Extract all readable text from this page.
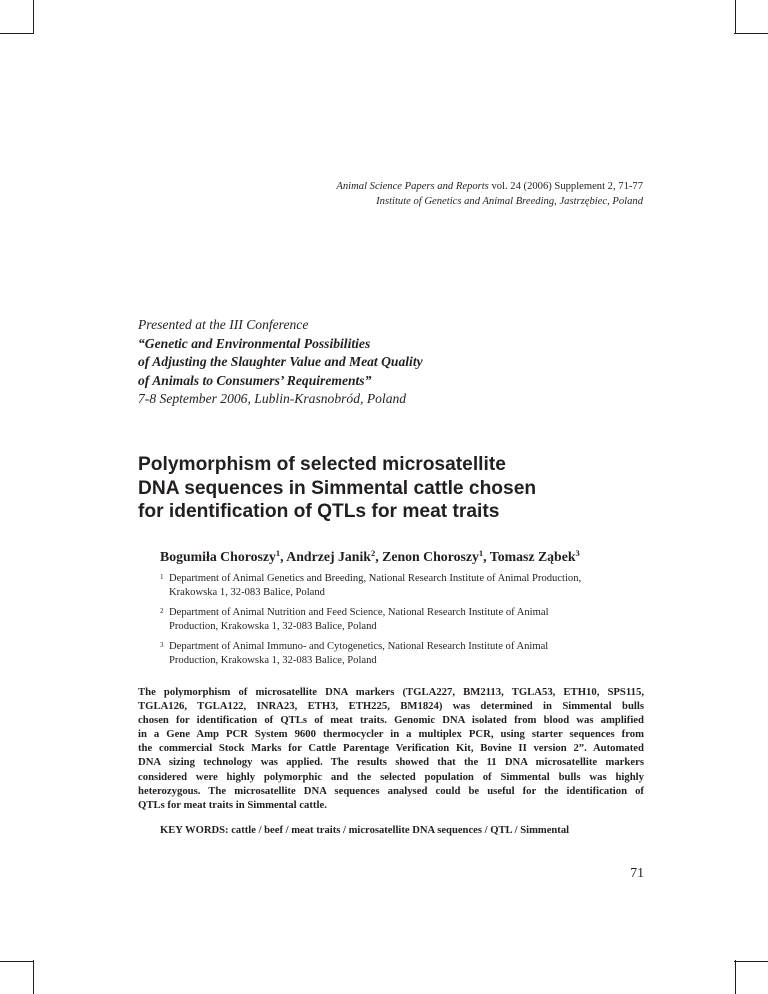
Animal Science Papers and Reports vol. 24 (2006) Supplement 2, 71-77
Institute of Genetics and Animal Breeding, Jastrzębiec, Poland
Presented at the III Conference
“Genetic and Environmental Possibilities
of Adjusting the Slaughter Value and Meat Quality
of Animals to Consumers’ Requirements”
7-8 September 2006, Lublin-Krasnobród, Poland
Polymorphism of selected microsatellite
DNA sequences in Simmental cattle chosen
for identification of QTLs for meat traits
Bogumiła Choroszy$^1$, Andrzej Janik$^2$, Zenon Choroszy$^1$, Tomasz Ząbek$^3$
1 Department of Animal Genetics and Breeding, National Research Institute of Animal Production,
Krakowska 1, 32-083 Balice, Poland
2 Department of Animal Nutrition and Feed Science, National Research Institute of Animal
Production, Krakowska 1, 32-083 Balice, Poland
3 Department of Animal Immuno- and Cytogenetics, National Research Institute of Animal
Production, Krakowska 1, 32-083 Balice, Poland
The polymorphism of microsatellite DNA markers (TGLA227, BM2113, TGLA53, ETH10, SPS115,
TGLA126, TGLA122, INRA23, ETH3, ETH225, BM1824) was determined in Simmental bulls
chosen for identification of QTLs of meat traits. Genomic DNA isolated from blood was amplified
in a Gene Amp PCR System 9600 thermocycler in a multiplex PCR, using starter sequences from
the commercial Stock Marks for Cattle Parentage Verification Kit, Bovine II version 2”. Automated
DNA sizing technology was applied. The results showed that the 11 DNA microsatellite markers
considered were highly polymorphic and the selected population of Simmental bulls was highly
heterozygous. The microsatellite DNA sequences analysed could be useful for the identification of
QTLs for meat traits in Simmental cattle.
KEY WORDS: cattle / beef / meat traits / microsatellite DNA sequences / QTL / Simmental
71
